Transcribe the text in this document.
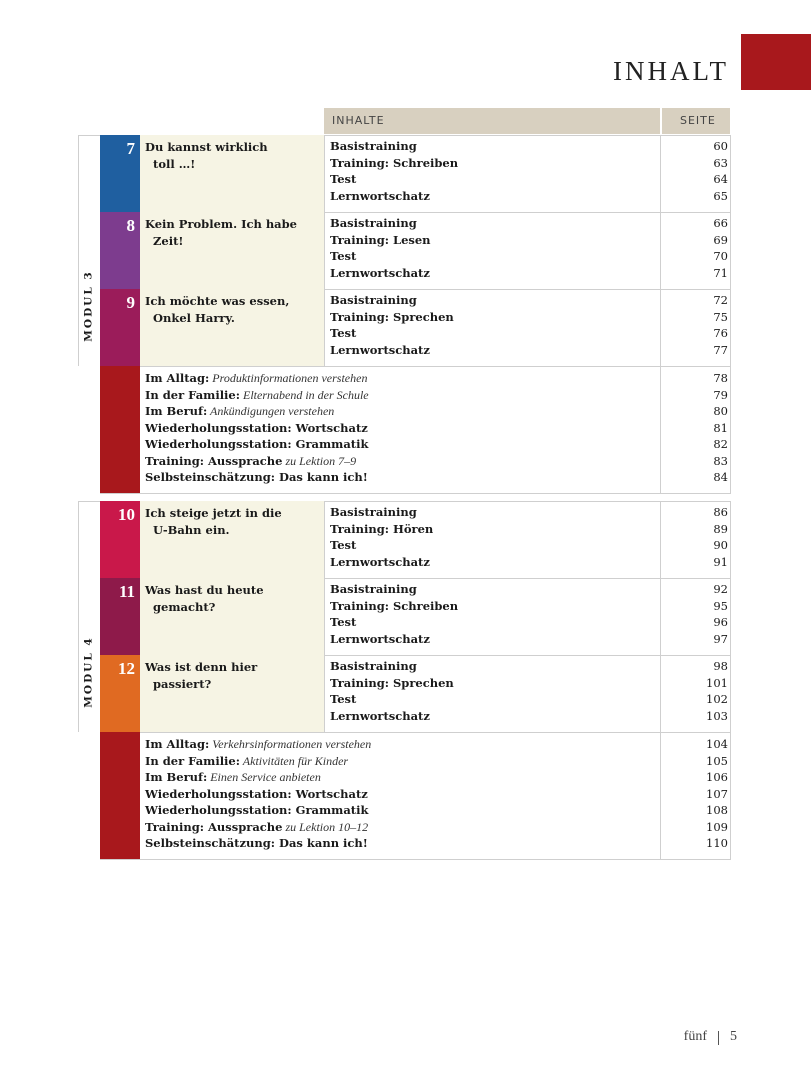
INHALT
INHALTE	SEITE
MODUL 3
7 Du kannst wirklich
toll …!
Basistraining	60
Training: Schreiben	63
Test	64
Lernwortschatz	65
8 Kein Problem. Ich habe
Zeit!
Basistraining	66
Training: Lesen	69
Test	70
Lernwortschatz	71
9 Ich möchte was essen,
Onkel Harry.
Basistraining	72
Training: Sprechen	75
Test	76
Lernwortschatz	77
Im Alltag: Produktinformationen verstehen	78
In der Familie: Elternabend in der Schule	79
Im Beruf: Ankündigungen verstehen	80
Wiederholungsstation: Wortschatz	81
Wiederholungsstation: Grammatik	82
Training: Aussprache zu Lektion 7–9	83
Selbsteinschätzung: Das kann ich!	84
MODUL 4
10 Ich steige jetzt in die
U-Bahn ein.
Basistraining	86
Training: Hören	89
Test	90
Lernwortschatz	91
11 Was hast du heute
gemacht?
Basistraining	92
Training: Schreiben	95
Test	96
Lernwortschatz	97
12 Was ist denn hier
passiert?
Basistraining	98
Training: Sprechen	101
Test	102
Lernwortschatz	103
Im Alltag: Verkehrsinformationen verstehen	104
In der Familie: Aktivitäten für Kinder	105
Im Beruf: Einen Service anbieten	106
Wiederholungsstation: Wortschatz	107
Wiederholungsstation: Grammatik	108
Training: Aussprache zu Lektion 10–12	109
Selbsteinschätzung: Das kann ich!	110
fünf 5
